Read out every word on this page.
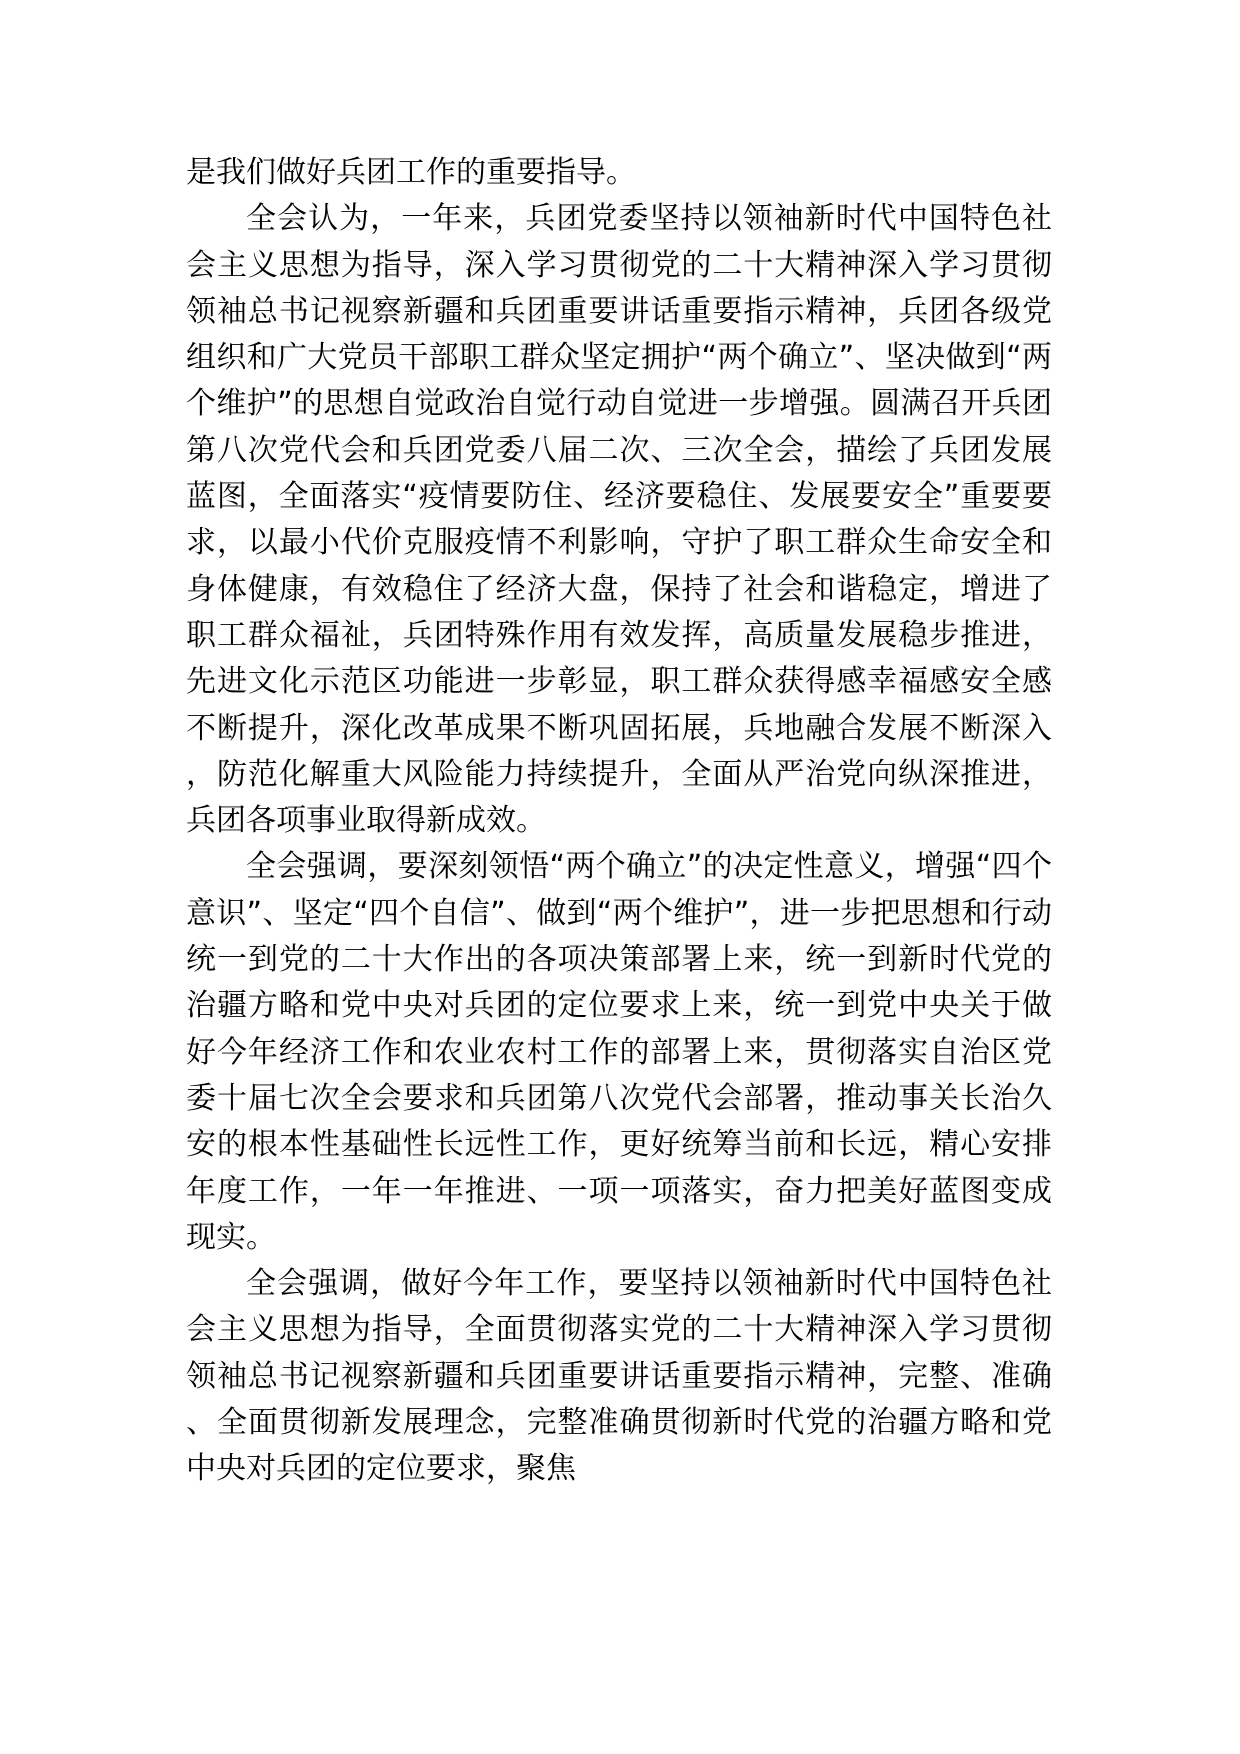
是我们做好兵团工作的重要指导。

全会认为，一年来，兵团党委坚持以领袖新时代中国特色社会主义思想为指导，深入学习贯彻党的二十大精神深入学习贯彻领袖总书记视察新疆和兵团重要讲话重要指示精神，兵团各级党组织和广大党员干部职工群众坚定拥护“两个确立”、坚决做到“两个维护”的思想自觉政治自觉行动自觉进一步增强。圆满召开兵团第八次党代会和兵团党委八届二次、三次全会，描绘了兵团发展蓝图，全面落实“疫情要防住、经济要稳住、发展要安全”重要要求，以最小代价克服疫情不利影响，守护了职工群众生命安全和身体健康，有效稳住了经济大盘，保持了社会和谐稳定，增进了职工群众福祉，兵团特殊作用有效发挥，高质量发展稳步推进，先进文化示范区功能进一步彰显，职工群众获得感幸福感安全感不断提升，深化改革成果不断巩固拓展，兵地融合发展不断深入，防范化解重大风险能力持续提升，全面从严治党向纵深推进，兵团各项事业取得新成效。

全会强调，要深刻领悟“两个确立”的决定性意义，增强“四个意识”、坚定“四个自信”、做到“两个维护”，进一步把思想和行动统一到党的二十大作出的各项决策部署上来，统一到新时代党的治疆方略和党中央对兵团的定位要求上来，统一到党中央关于做好今年经济工作和农业农村工作的部署上来，贯彻落实自治区党委十届七次全会要求和兵团第八次党代会部署，推动事关长治久安的根本性基础性长远性工作，更好统筹当前和长远，精心安排年度工作，一年一年推进、一项一项落实，奋力把美好蓝图变成现实。

全会强调，做好今年工作，要坚持以领袖新时代中国特色社会主义思想为指导，全面贯彻落实党的二十大精神深入学习贯彻领袖总书记视察新疆和兵团重要讲话重要指示精神，完整、准确、全面贯彻新发展理念，完整准确贯彻新时代党的治疆方略和党中央对兵团的定位要求，聚焦
